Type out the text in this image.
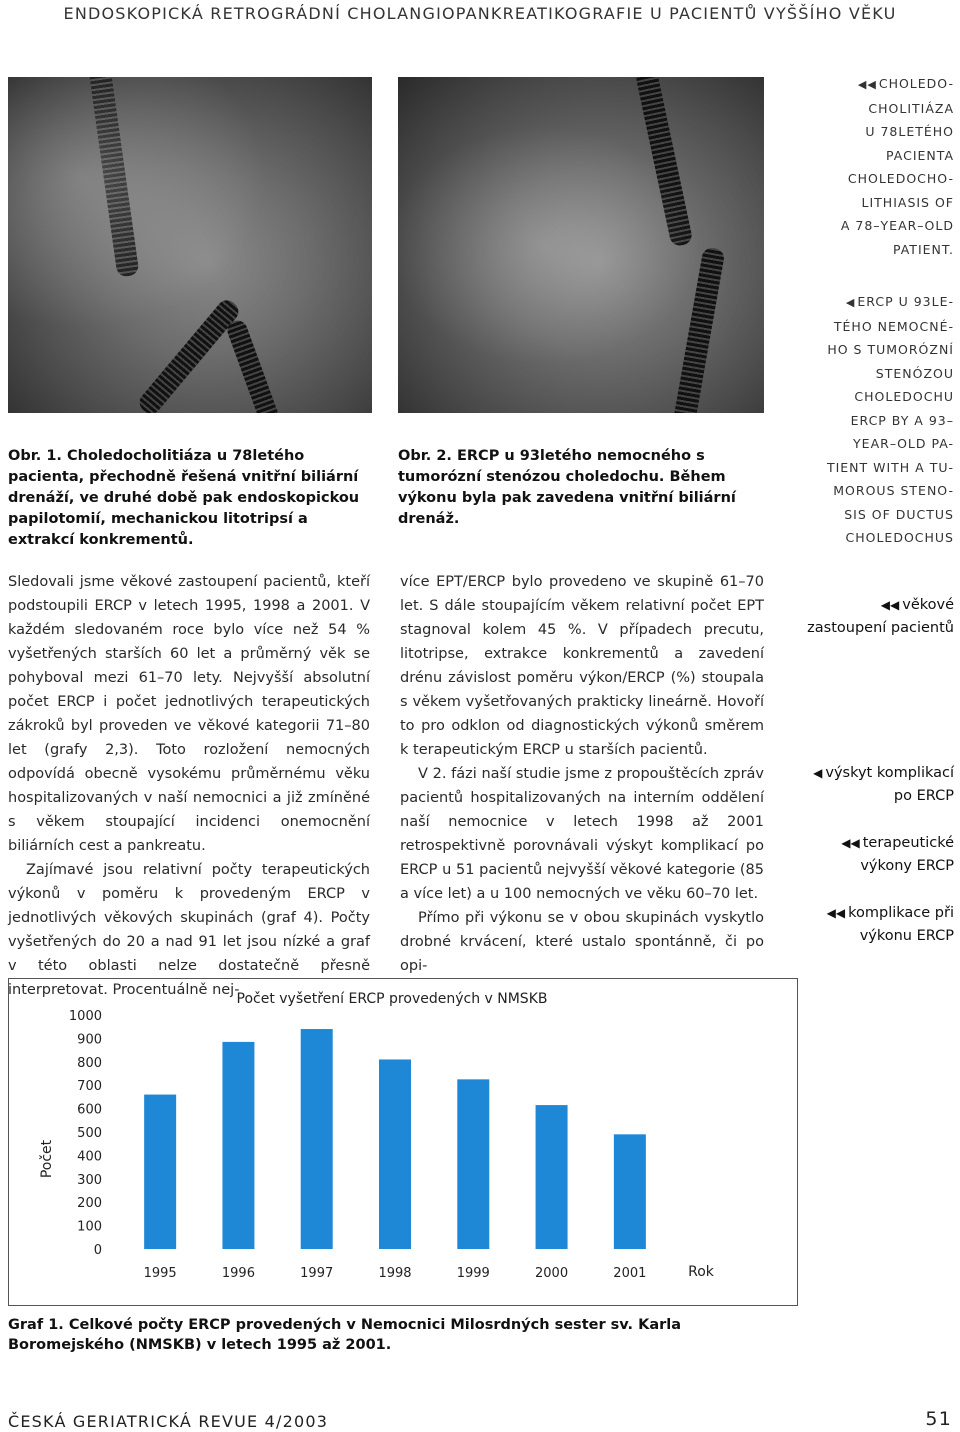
ENDOSKOPICKÁ RETROGRÁDNÍ CHOLANGIOPANKREATIKOGRAFIE U PACIENTŮ VYŠŠÍHO VĚKU
Obr. 1. Choledocholitiáza u 78letého pacienta, přechodně řešená vnitřní biliární drenáží, ve druhé době pak endoskopickou papilotomií, mechanickou litotripsí a extrakcí konkrementů.
Obr. 2. ERCP u 93letého nemocného s tumorózní stenózou choledochu. Během výkonu byla pak zavedena vnitřní biliární drenáž.
◀◀ CHOLEDO-
CHOLITIÁZA
U 78LETÉHO
PACIENTA
CHOLEDOCHO-
LITHIASIS OF
A 78–YEAR–OLD
PATIENT.
◀ ERCP U 93LE-
TÉHO NEMOCNÉ-
HO S TUMORÓZNÍ
STENÓZOU
CHOLEDOCHU
ERCP BY A 93–
YEAR–OLD PA-
TIENT WITH A TU-
MOROUS STENO-
SIS OF DUCTUS
CHOLEDOCHUS

Sledovali jsme věkové zastoupení pacientů, kteří podstoupili ERCP v letech 1995, 1998 a 2001. V každém sledovaném roce bylo více než 54 % vyšetřených starších 60 let a průměrný věk se pohyboval mezi 61–70 lety. Nejvyšší absolutní počet ERCP i počet jednotlivých terapeutických zákroků byl proveden ve věkové kategorii 71–80 let (grafy 2,3). Toto rozložení nemocných odpovídá obecně vysokému průměrnému věku hospitalizovaných v naší nemocnici a již zmíněné s věkem stoupající incidenci onemocnění biliárních cest a pankreatu.

Zajímavé jsou relativní počty terapeutických výkonů v poměru k provedeným ERCP v jednotlivých věkových skupinách (graf 4). Počty vyšetřených do 20 a nad 91 let jsou nízké a graf v této oblasti nelze dostatečně přesně interpretovat. Procentuálně nej-

více EPT/ERCP bylo provedeno ve skupině 61–70 let. S dále stoupajícím věkem relativní počet EPT stagnoval kolem 45 %. V případech precutu, litotripse, extrakce konkrementů a zavedení drénu závislost poměru výkon/ERCP (%) stoupala s věkem vyšetřovaných prakticky lineárně. Hovoří to pro odklon od diagnostických výkonů směrem k terapeutickým ERCP u starších pacientů.

V 2. fázi naší studie jsme z propouštěcích zpráv pacientů hospitalizovaných na interním oddělení naší nemocnice v letech 1998 až 2001 retrospektivně porovnávali výskyt komplikací po ERCP u 51 pacientů nejvyšší věkové kategorie (85 a více let) a u 100 nemocných ve věku 60–70 let.

Přímo při výkonu se v obou skupinách vyskytlo drobné krvácení, které ustalo spontánně, či po opi-

◀◀ věkové zastoupení pacientů
◀ výskyt komplikací po ERCP
◀◀ terapeutické výkony ERCP
◀◀ komplikace při výkonu ERCP
Počet vyšetření ERCP provedených v NMSKB
Počet
Rok
0
100
200
300
400
500
600
700
800
900
1000
1995	1996	1997	1998	1999	2000	2001
Graf 1. Celkové počty ERCP provedených v Nemocnici Milosrdných sester sv. Karla Boromejského (NMSKB) v letech 1995 až 2001.
ČESKÁ GERIATRICKÁ REVUE 4/2003	51
